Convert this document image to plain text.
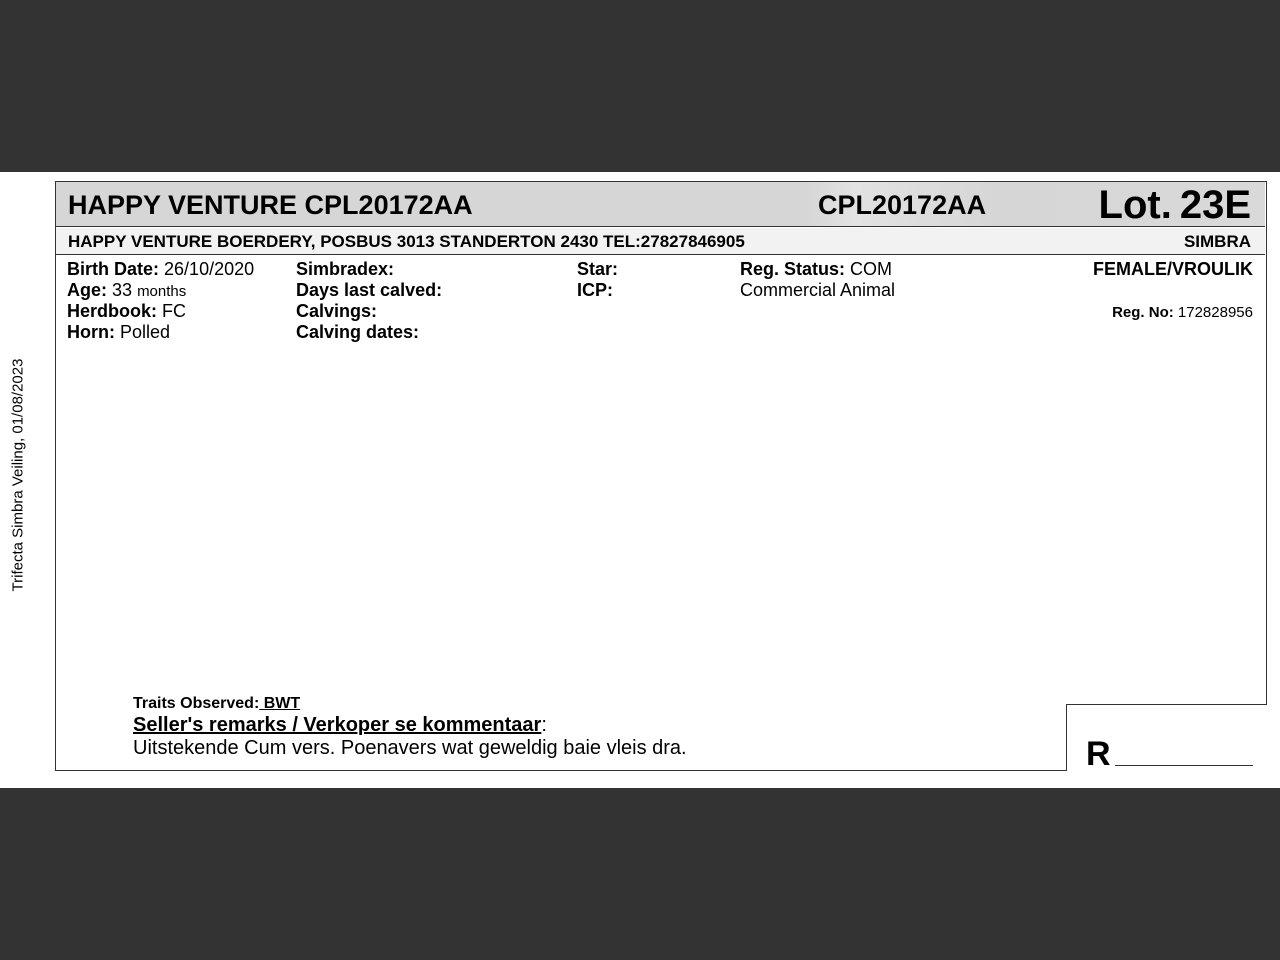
Trifecta Simbra Veiling, 01/08/2023
HAPPY VENTURE CPL20172AA	CPL20172AA	Lot. 23E
HAPPY VENTURE BOERDERY, POSBUS 3013 STANDERTON 2430 TEL:27827846905	SIMBRA
Birth Date: 26/10/2020
Age: 33 months
Herdbook: FC
Horn: Polled
Simbradex:
Days last calved:
Calvings:
Calving dates:
Star:
ICP:
Reg. Status: COM
Commercial Animal
FEMALE/VROULIK
Reg. No: 172828956
Traits Observed: BWT
Seller's remarks / Verkoper se kommentaar:
Uitstekende Cum vers. Poenavers wat geweldig baie vleis dra.	R
